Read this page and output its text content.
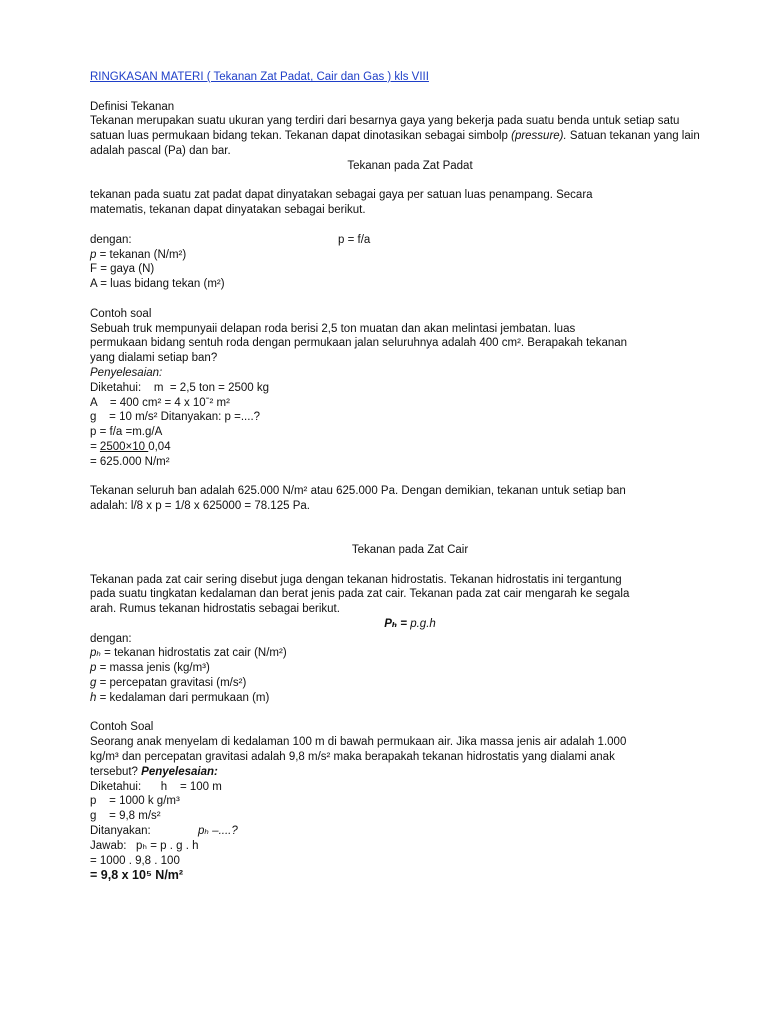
RINGKASAN MATERI ( Tekanan Zat Padat, Cair dan Gas ) kls VIII
Definisi Tekanan
Tekanan merupakan suatu ukuran yang terdiri dari besarnya gaya yang bekerja pada suatu benda untuk setiap satu
satuan luas permukaan bidang tekan. Tekanan dapat dinotasikan sebagai simbolp (pressure). Satuan tekanan yang lain
adalah pascal (Pa) dan bar.
Tekanan pada Zat Padat
tekanan pada suatu zat padat dapat dinyatakan sebagai gaya per satuan luas penampang. Secara
matematis, tekanan dapat dinyatakan sebagai berikut.
dengan:	p = f/a
p = tekanan (N/m²)
F = gaya (N)
A = luas bidang tekan (m²)
Contoh soal
Sebuah truk mempunyaii delapan roda berisi 2,5 ton muatan dan akan melintasi jembatan. luas
permukaan bidang sentuh roda dengan permukaan jalan seluruhnya adalah 400 cm². Berapakah tekanan
yang dialami setiap ban?
Penyelesaian:
Diketahui:    m  = 2,5 ton = 2500 kg
A    = 400 cm² = 4 x 10ˉ² m²
g    = 10 m/s² Ditanyakan: p =....?
p = f/a =m.g/A
= 2500×10 0,04
= 625.000 N/m²
Tekanan seluruh ban adalah 625.000 N/m² atau 625.000 Pa. Dengan demikian, tekanan untuk setiap ban
adalah: l/8 x p = 1/8 x 625000 = 78.125 Pa.
Tekanan pada Zat Cair
Tekanan pada zat cair sering disebut juga dengan tekanan hidrostatis. Tekanan hidrostatis ini tergantung
pada suatu tingkatan kedalaman dan berat jenis pada zat cair. Tekanan pada zat cair mengarah ke segala
arah. Rumus tekanan hidrostatis sebagai berikut.
Pₕ = p.g.h
dengan:
pₕ = tekanan hidrostatis zat cair (N/m²)
p = massa jenis (kg/m³)
g = percepatan gravitasi (m/s²)
h = kedalaman dari permukaan (m)
Contoh Soal
Seorang anak menyelam di kedalaman 100 m di bawah permukaan air. Jika massa jenis air adalah 1.000
kg/m³ dan percepatan gravitasi adalah 9,8 m/s² maka berapakah tekanan hidrostatis yang dialami anak
tersebut? Penyelesaian:
Diketahui: h    = 100 m
p    = 1000 k g/m³
g    = 9,8 m/s²
Ditanyakan:	pₕ –....?
Jawab:   pₕ = p . g . h
= 1000 . 9,8 . 100
= 9,8 x 10⁵ N/m²
